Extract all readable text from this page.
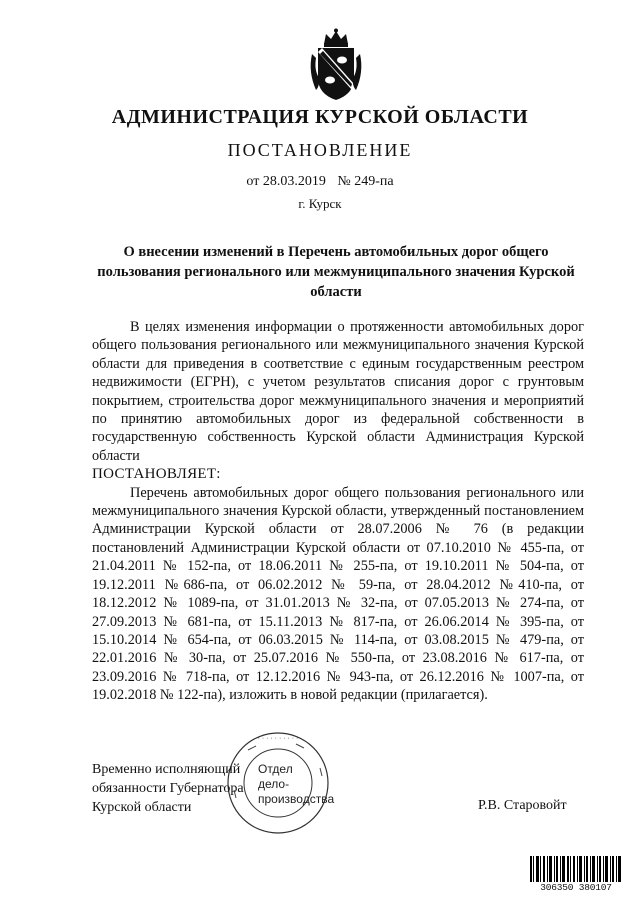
АДМИНИСТРАЦИЯ КУРСКОЙ ОБЛАСТИ
ПОСТАНОВЛЕНИЕ
от 28.03.2019 № 249-па
г. Курск
О внесении изменений в Перечень автомобильных дорог общего пользования регионального или межмуниципального значения Курской области

В целях изменения информации о протяженности автомобильных дорог общего пользования регионального или межмуниципального значения Курской области для приведения в соответствие с единым государственным реестром недвижимости (ЕГРН), с учетом результатов списания дорог с грунтовым покрытием, строительства дорог межмуниципального значения и мероприятий по принятию автомобильных дорог из федеральной собственности в государственную собственность Курской области Администрация Курской области

ПОСТАНОВЛЯЕТ:

Перечень автомобильных дорог общего пользования регионального или межмуниципального значения Курской области, утвержденный постановлением Администрации Курской области от 28.07.2006 № 76 (в редакции постановлений Администрации Курской области от 07.10.2010 № 455-па, от 21.04.2011 № 152-па, от 18.06.2011 № 255-па, от 19.10.2011 № 504-па, от 19.12.2011 №686-па, от 06.02.2012 № 59-па, от 28.04.2012 №410-па, от 18.12.2012 № 1089-па, от 31.01.2013 № 32-па, от 07.05.2013 № 274-па, от 27.09.2013 № 681-па, от 15.11.2013 № 817-па, от 26.06.2014 № 395-па, от 15.10.2014 № 654-па, от 06.03.2015 № 114-па, от 03.08.2015 № 479-па, от 22.01.2016 № 30-па, от 25.07.2016 № 550-па, от 23.08.2016 № 617-па, от 23.09.2016 № 718-па, от 12.12.2016 № 943-па, от 26.12.2016 № 1007-па, от 19.02.2018 № 122-па), изложить в новой редакции (прилагается).

· · · · · · · · · ·
Отдел
дело-
производства
Временно исполняющий
обязанности Губернатора
Курской области	Р.В. Старовойт
306350 380107
